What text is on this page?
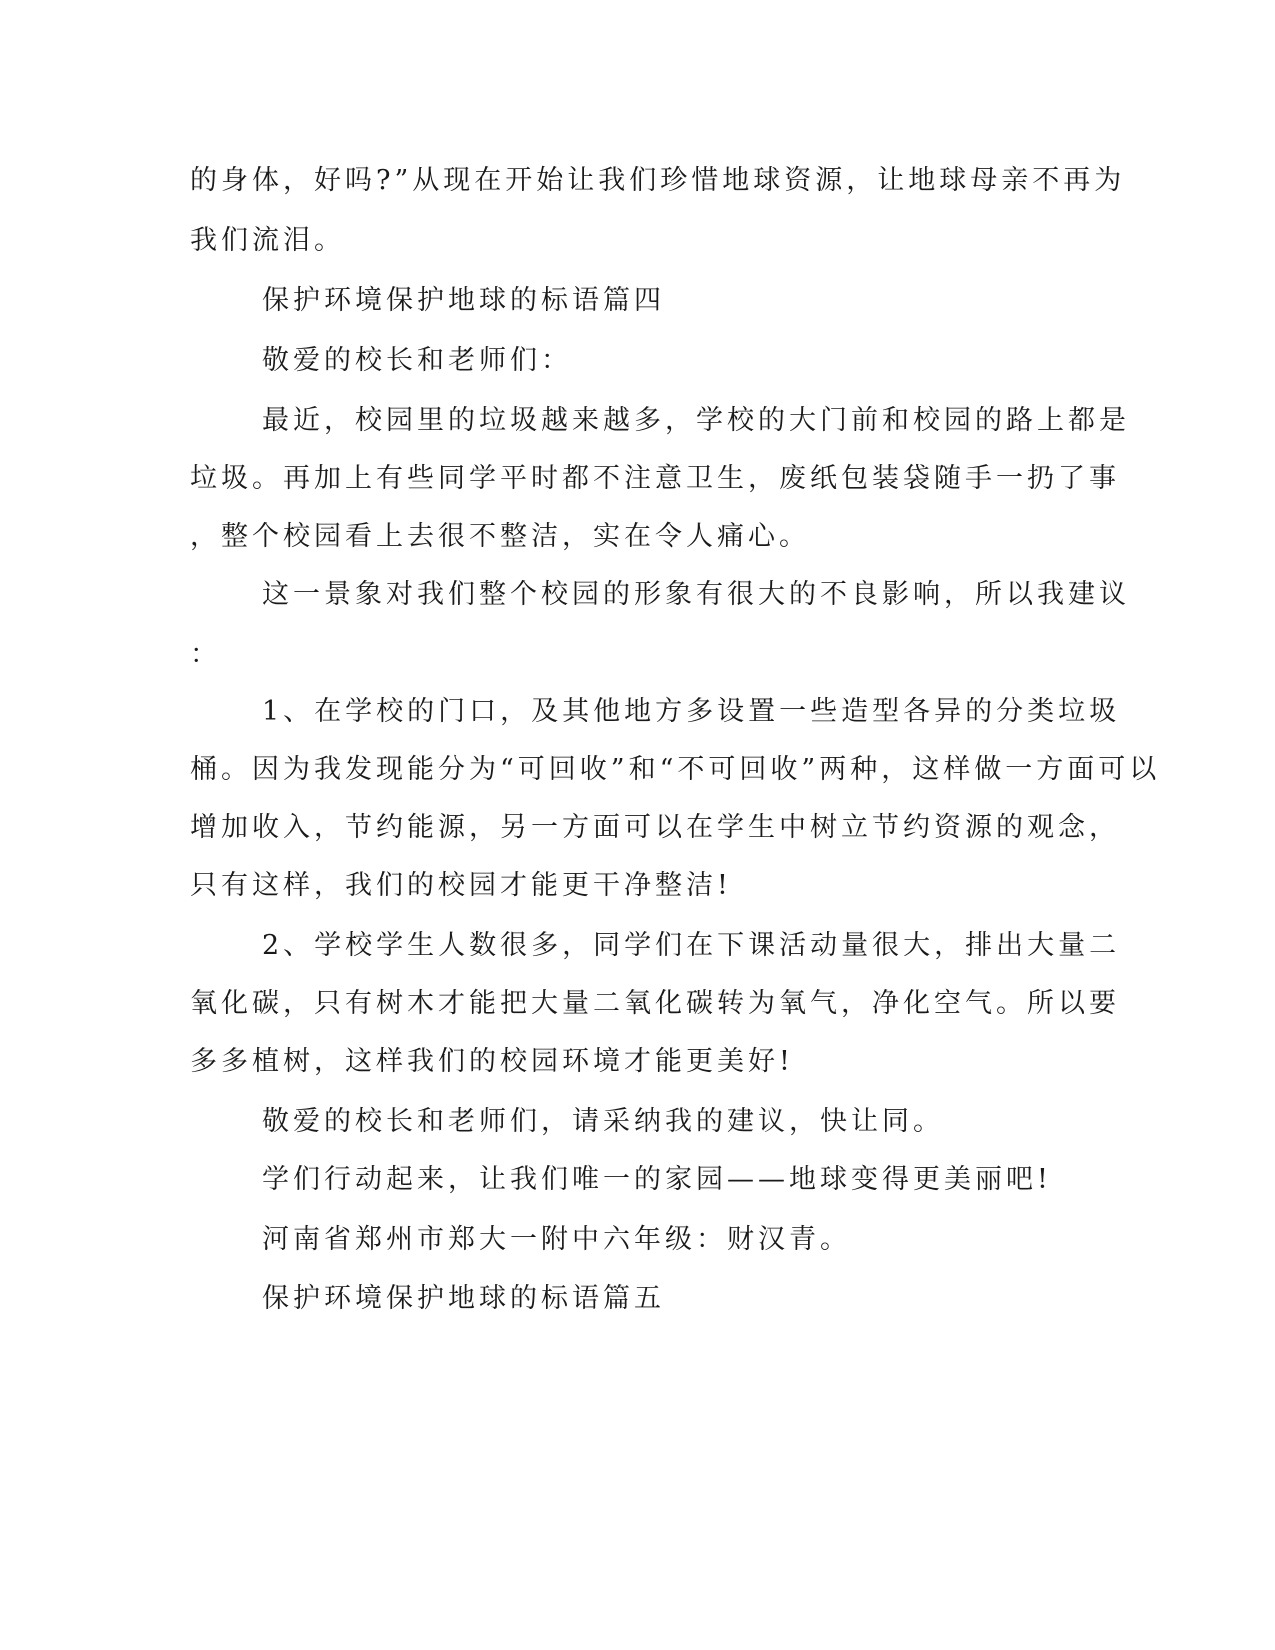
的身体，好吗?”从现在开始让我们珍惜地球资源，让地球母亲不再为
我们流泪。
保护环境保护地球的标语篇四
敬爱的校长和老师们：
最近，校园里的垃圾越来越多，学校的大门前和校园的路上都是
垃圾。再加上有些同学平时都不注意卫生，废纸包装袋随手一扔了事
，整个校园看上去很不整洁，实在令人痛心。
这一景象对我们整个校园的形象有很大的不良影响，所以我建议
：
1、在学校的门口，及其他地方多设置一些造型各异的分类垃圾
桶。因为我发现能分为“可回收”和“不可回收”两种，这样做一方面可以
增加收入，节约能源，另一方面可以在学生中树立节约资源的观念，
只有这样，我们的校园才能更干净整洁!
2、学校学生人数很多，同学们在下课活动量很大，排出大量二
氧化碳，只有树木才能把大量二氧化碳转为氧气，净化空气。所以要
多多植树，这样我们的校园环境才能更美好!
敬爱的校长和老师们，请采纳我的建议，快让同。
学们行动起来，让我们唯一的家园——地球变得更美丽吧!
河南省郑州市郑大一附中六年级：财汉青。
保护环境保护地球的标语篇五
